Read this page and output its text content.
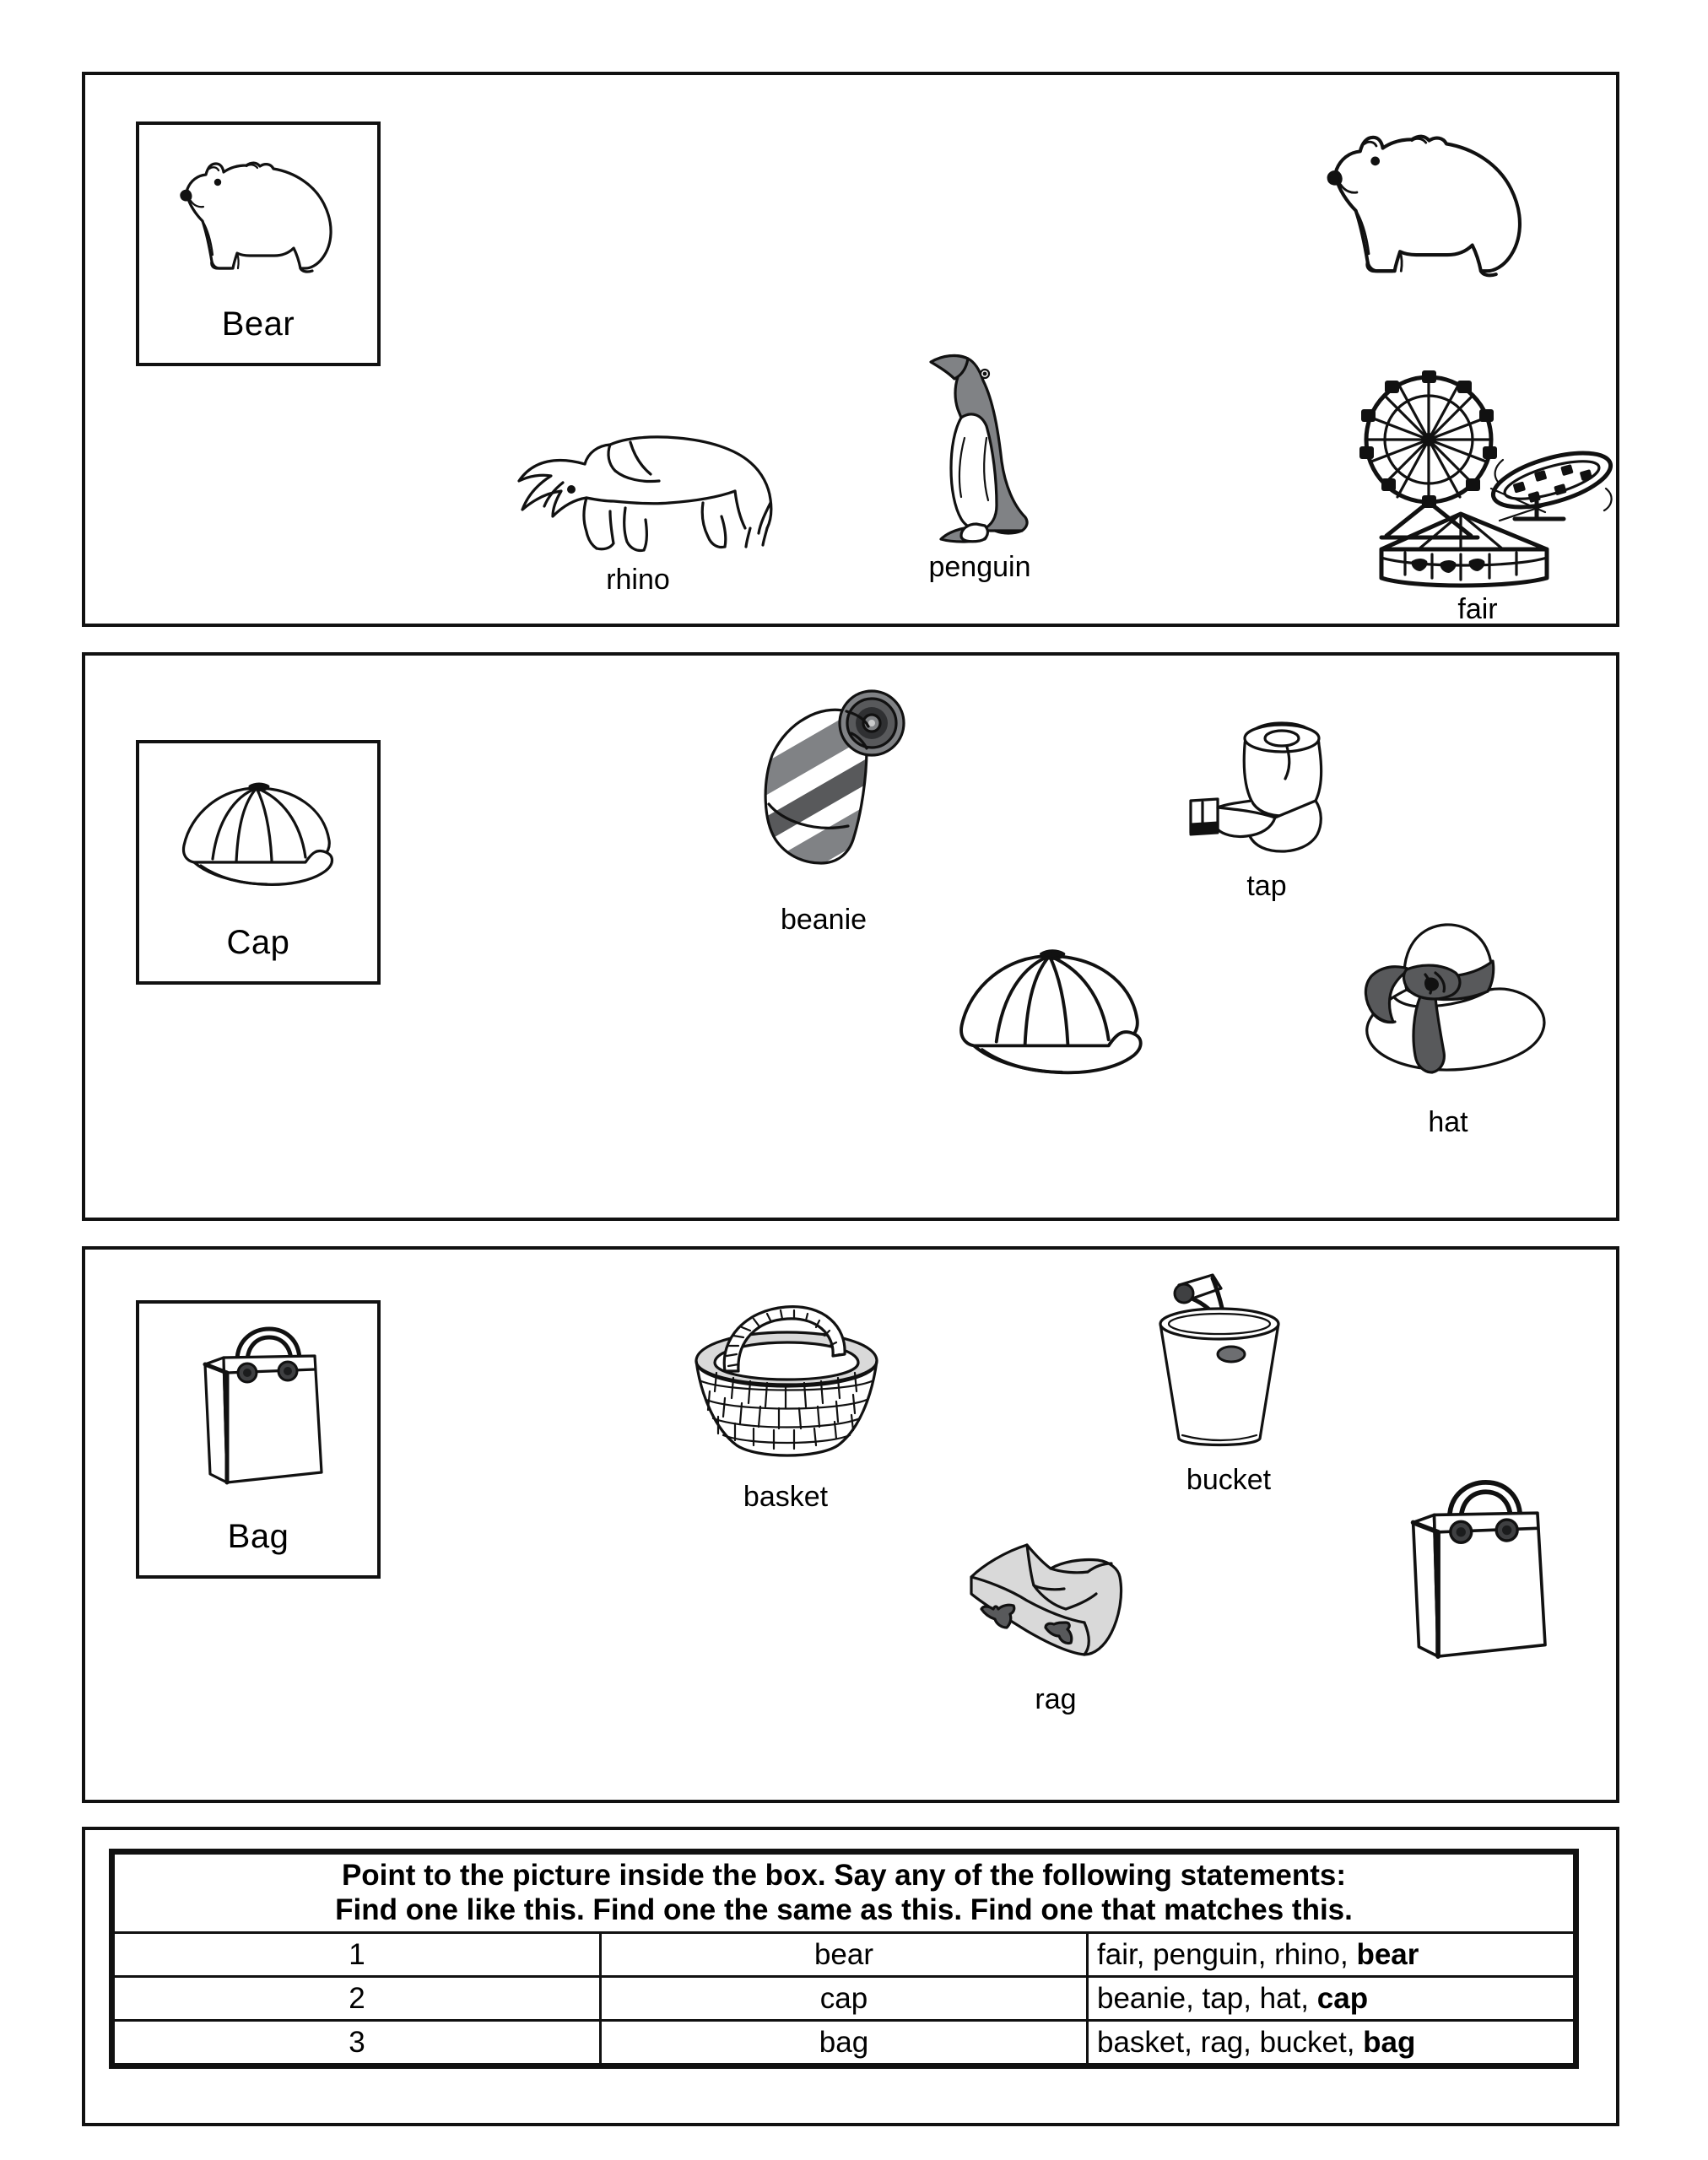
Bear
rhino	penguin
fair
Cap
beanie
tap
hat
Bag
basket
bucket
rag
Point to the picture inside the box. Say any of the following statements:
Find one like this. Find one the same as this. Find one that matches this.		

1	bear	fair, penguin, rhino, bear
2	cap	beanie, tap, hat, cap
3	bag	basket, rag, bucket, bag
